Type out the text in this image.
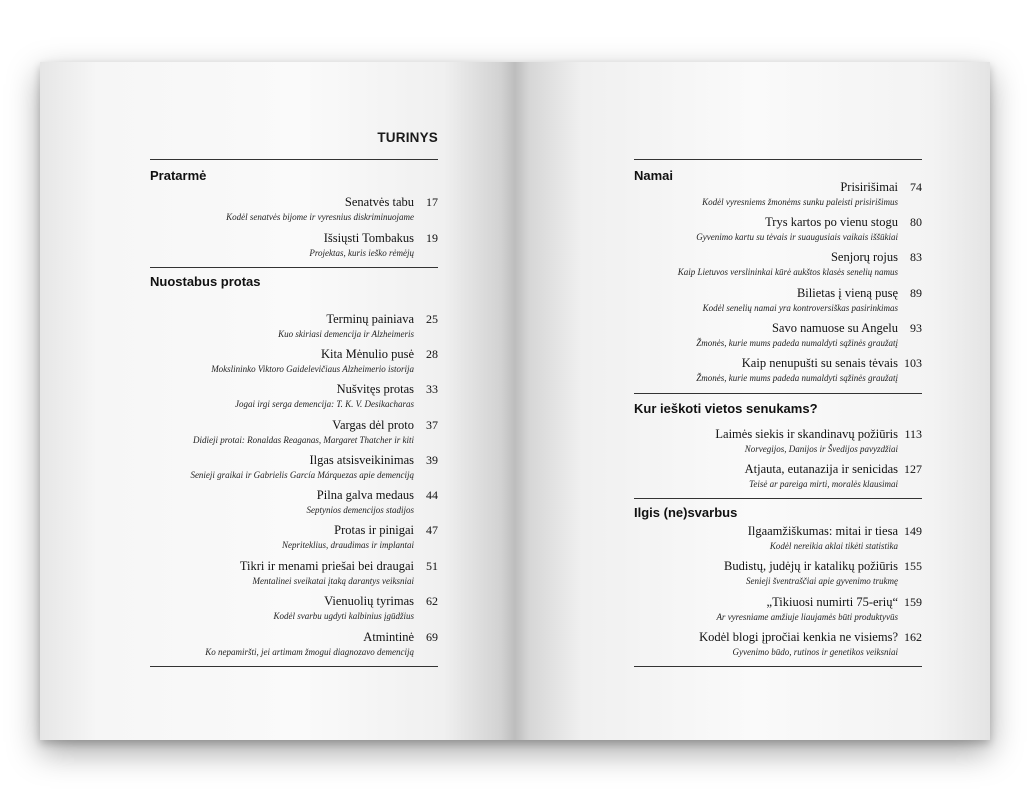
TURINYS
Pratarmė
Senatvės tabu	17
Kodėl senatvės bijome ir vyresnius diskriminuojame
Išsiųsti Tombakus	19
Projektas, kuris ieško rėmėjų
Nuostabus protas
Terminų painiava	25
Kuo skiriasi demencija ir Alzheimeris
Kita Mėnulio pusė	28
Mokslininko Viktoro Gaidelevičiaus Alzheimerio istorija
Nušvitęs protas	33
Jogai irgi serga demencija: T. K. V. Desikacharas
Vargas dėl proto	37
Didieji protai: Ronaldas Reaganas, Margaret Thatcher ir kiti
Ilgas atsisveikinimas	39
Senieji graikai ir Gabrielis García Márquezas apie demenciją
Pilna galva medaus	44
Septynios demencijos stadijos
Protas ir pinigai	47
Nepriteklius, draudimas ir implantai
Tikri ir menami priešai bei draugai	51
Mentalinei sveikatai įtaką darantys veiksniai
Vienuolių tyrimas	62
Kodėl svarbu ugdyti kalbinius įgūdžius
Atmintinė	69
Ko nepamiršti, jei artimam žmogui diagnozavo demenciją
Namai
Prisirišimai	74
Kodėl vyresniems žmonėms sunku paleisti prisirišimus
Trys kartos po vienu stogu	80
Gyvenimo kartu su tėvais ir suaugusiais vaikais iššūkiai
Senjorų rojus	83
Kaip Lietuvos verslininkai kūrė aukštos klasės senelių namus
Bilietas į vieną pusę	89
Kodėl senelių namai yra kontroversiškas pasirinkimas
Savo namuose su Angelu	93
Žmonės, kurie mums padeda numaldyti sąžinės graužatį
Kaip nenupušti su senais tėvais 103
Žmonės, kurie mums padeda numaldyti sąžinės graužatį
Kur ieškoti vietos senukams?
Laimės siekis ir skandinavų požiūris 113
Norvegijos, Danijos ir Švedijos pavyzdžiai
Atjauta, eutanazija ir senicidas 127
Teisė ar pareiga mirti, moralės klausimai
Ilgis (ne)svarbus
Ilgaamžiškumas: mitai ir tiesa 149
Kodėl nereikia aklai tikėti statistika
Budistų, judėjų ir katalikų požiūris 155
Senieji šventraščiai apie gyvenimo trukmę
„Tikiuosi numirti 75-erių“ 159
Ar vyresniame amžiuje liaujamės būti produktyvūs
Kodėl blogi įpročiai kenkia ne visiems? 162
Gyvenimo būdo, rutinos ir genetikos veiksniai
